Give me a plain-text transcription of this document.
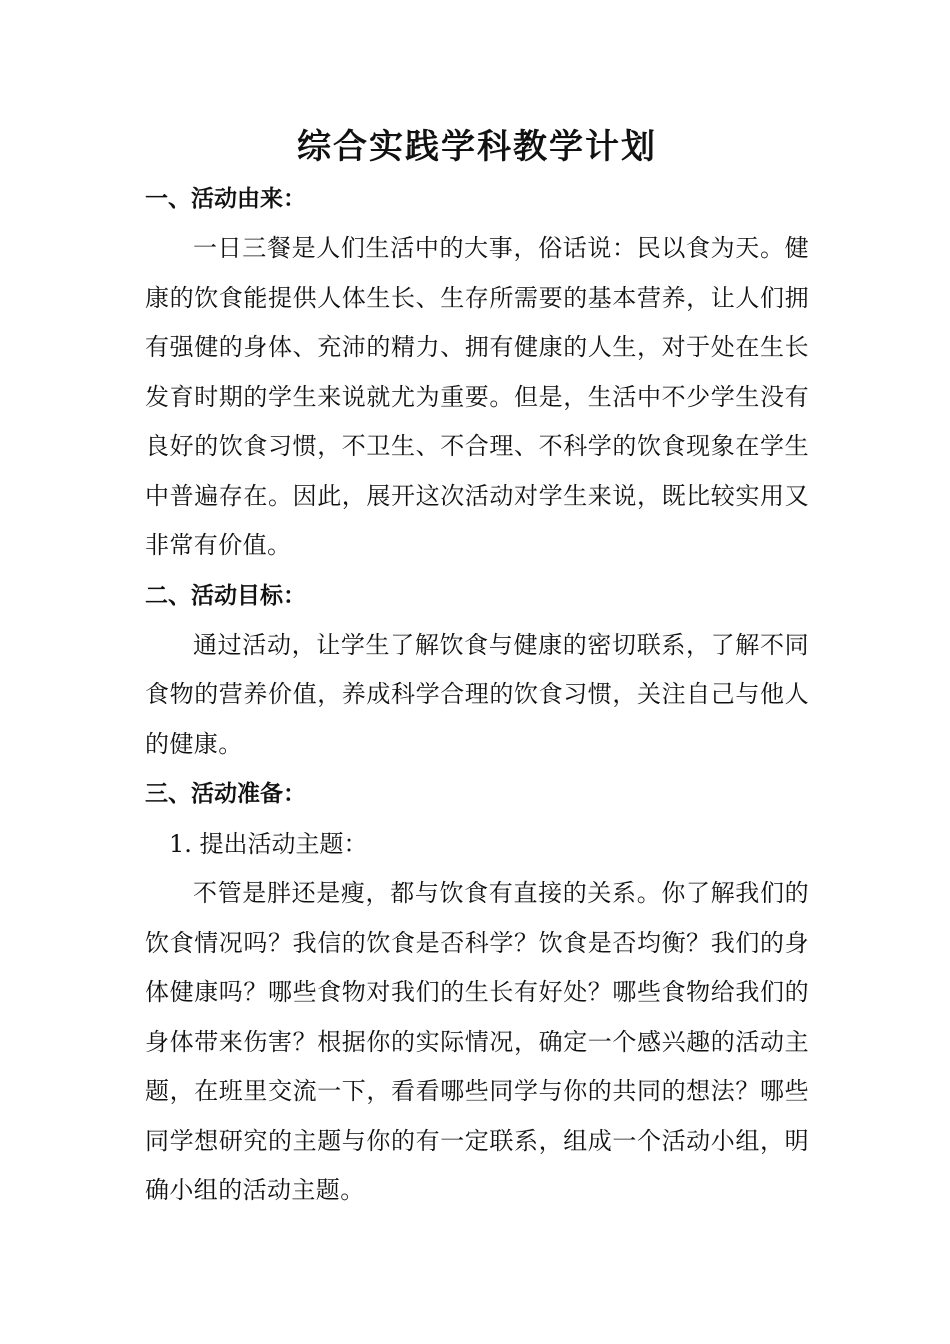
综合实践学科教学计划
一、活动由来：

一日三餐是人们生活中的大事，俗话说：民以食为天。健康的饮食能提供人体生长、生存所需要的基本营养，让人们拥有强健的身体、充沛的精力、拥有健康的人生，对于处在生长发育时期的学生来说就尤为重要。但是，生活中不少学生没有良好的饮食习惯，不卫生、不合理、不科学的饮食现象在学生中普遍存在。因此，展开这次活动对学生来说，既比较实用又非常有价值。

二、活动目标：

通过活动，让学生了解饮食与健康的密切联系，了解不同食物的营养价值，养成科学合理的饮食习惯，关注自己与他人的健康。

三、活动准备：
1. 提出活动主题：

不管是胖还是瘦，都与饮食有直接的关系。你了解我们的饮食情况吗？我信的饮食是否科学？饮食是否均衡？我们的身体健康吗？哪些食物对我们的生长有好处？哪些食物给我们的身体带来伤害？根据你的实际情况，确定一个感兴趣的活动主题，在班里交流一下，看看哪些同学与你的共同的想法？哪些同学想研究的主题与你的有一定联系，组成一个活动小组，明确小组的活动主题。
